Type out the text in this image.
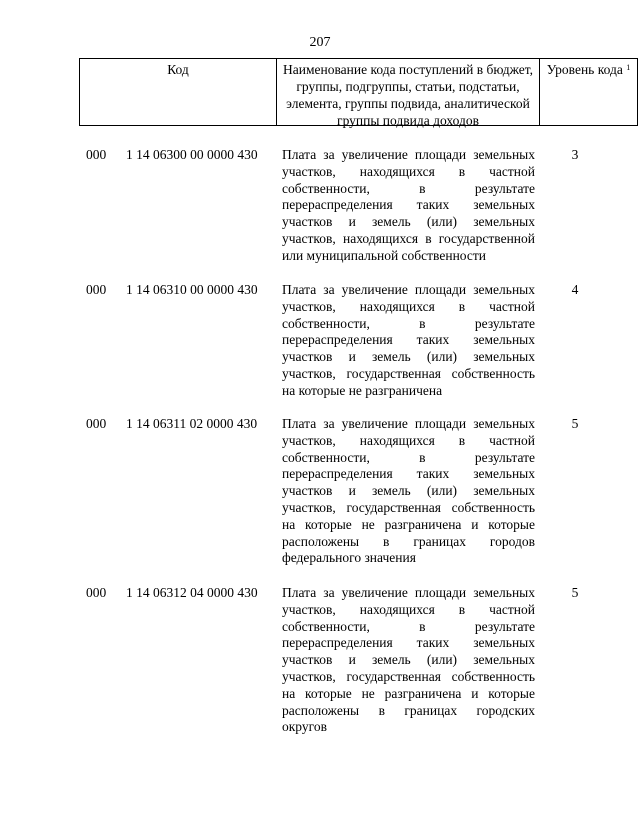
207
Код	Наименование кода поступлений в бюджет, группы, подгруппы, статьи, подстатьи, элемента, группы подвида, аналитической группы подвида доходов
Уровень кода $^1$
000 1 14 06300 00 0000 430 Плата за увеличение площади земельных участков, находящихся в частной собственности, в результате перераспределения таких земельных участков и земель (или) земельных участков, находящихся в государственной или муниципальной собственности
3
000 1 14 06310 00 0000 430 Плата за увеличение площади земельных участков, находящихся в частной собственности, в результате перераспределения таких земельных участков и земель (или) земельных участков, государственная собственность на которые не разграничена
4
000 1 14 06311 02 0000 430 Плата за увеличение площади земельных участков, находящихся в частной собственности, в результате перераспределения таких земельных участков и земель (или) земельных участков, государственная собственность на которые не разграничена и которые расположены в границах городов федерального значения
5
000 1 14 06312 04 0000 430 Плата за увеличение площади земельных участков, находящихся в частной собственности, в результате перераспределения таких земельных участков и земель (или) земельных участков, государственная собственность на которые не разграничена и которые расположены в границах городских округов
5
